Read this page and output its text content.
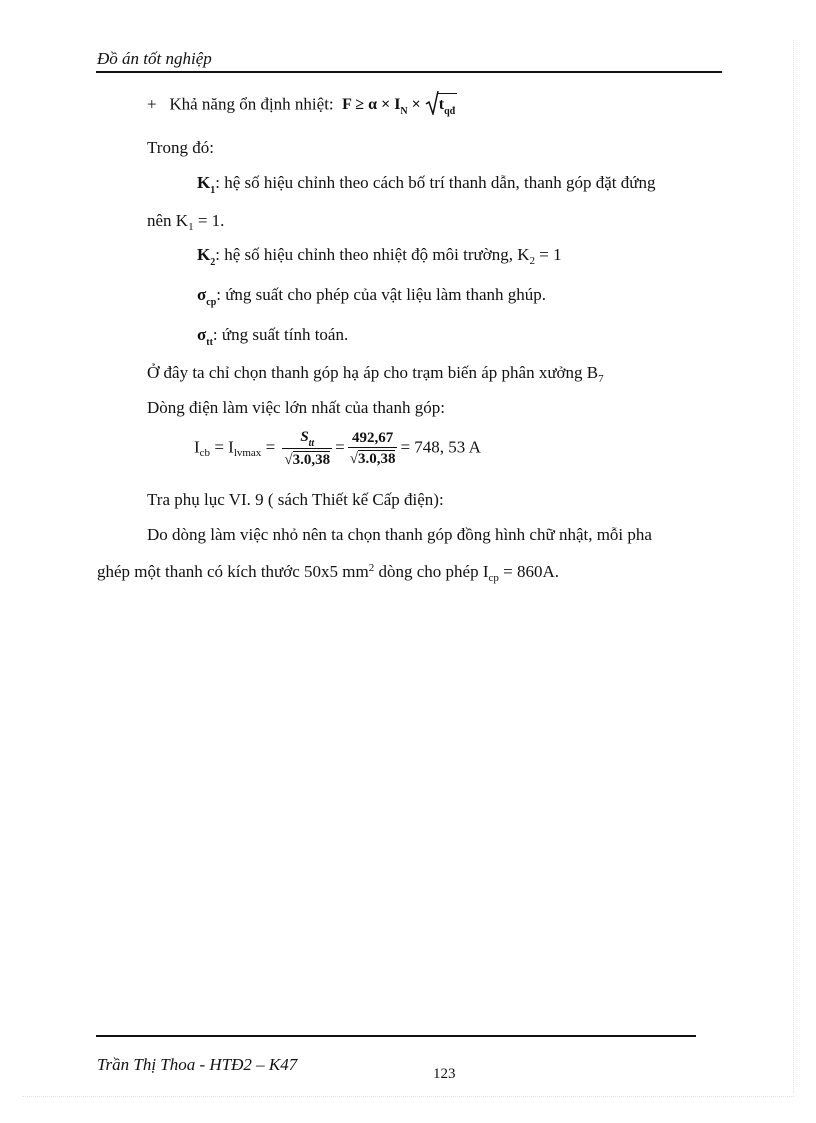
Đồ án tốt nghiệp
+ Khả năng ổn định nhiệt: $F \ge \alpha \times I_N \times t_{qđ}$
Trong đó:
$K_1$: hệ số hiệu chỉnh theo cách bố trí thanh dẫn, thanh góp đặt đứng
nên $K_1 = 1$.
$K_2$: hệ số hiệu chỉnh theo nhiệt độ môi trường, $K_2 = 1$
$\sigma_{cp}$: ứng suất cho phép của vật liệu làm thanh ghúp.
$\sigma_{tt}$: ứng suất tính toán.
Ở đây ta chỉ chọn thanh góp hạ áp cho trạm biến áp phân xưởng $B_7$
Dòng điện làm việc lớn nhất của thanh góp:
$I_{cb} = I_{lvmax} = \frac{S_{tt}}{√3.0,38} = \frac{492,67}{√3.0,38} = 748$, 53 A
Tra phụ lục VI. 9 ( sách Thiết kế Cấp điện):
Do dòng làm việc nhỏ nên ta chọn thanh góp đồng hình chữ nhật, mỗi pha
ghép một thanh có kích thước 50x5 $mm^2$ dòng cho phép $I_{cp} = 860A$.
Trần Thị Thoa - HTĐ2 – K47	123
